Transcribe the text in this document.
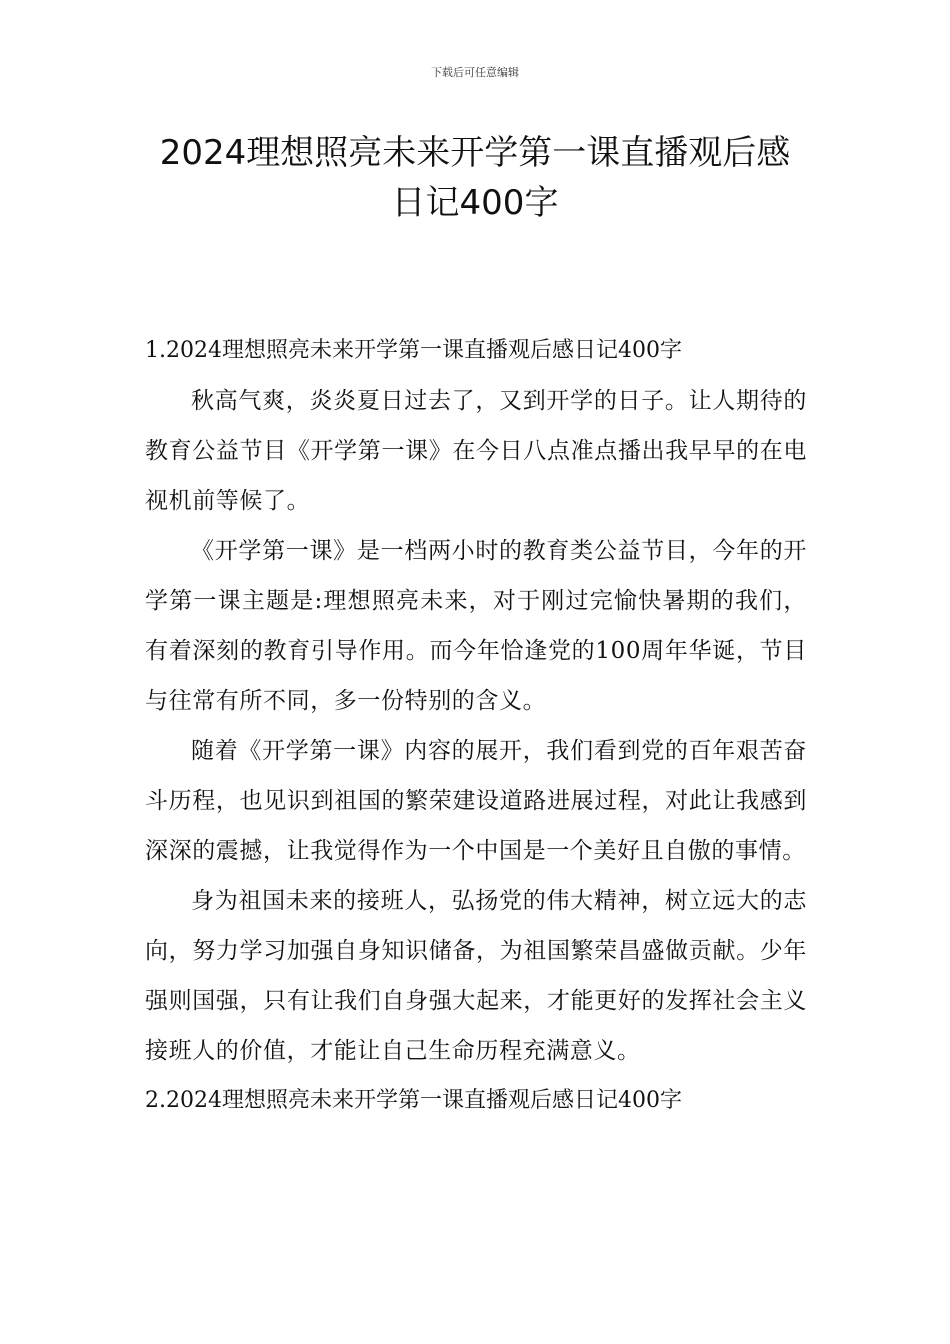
下载后可任意编辑
2024理想照亮未来开学第一课直播观后感
日记400字

1.2024理想照亮未来开学第一课直播观后感日记400字

秋高气爽，炎炎夏日过去了，又到开学的日子。让人期待的教育公益节目《开学第一课》在今日八点准点播出我早早的在电视机前等候了。

《开学第一课》是一档两小时的教育类公益节目，今年的开学第一课主题是:理想照亮未来，对于刚过完愉快暑期的我们，有着深刻的教育引导作用。而今年恰逢党的100周年华诞，节目与往常有所不同，多一份特别的含义。

随着《开学第一课》内容的展开，我们看到党的百年艰苦奋斗历程，也见识到祖国的繁荣建设道路进展过程，对此让我感到深深的震撼，让我觉得作为一个中国是一个美好且自傲的事情。

身为祖国未来的接班人，弘扬党的伟大精神，树立远大的志向，努力学习加强自身知识储备，为祖国繁荣昌盛做贡献。少年强则国强，只有让我们自身强大起来，才能更好的发挥社会主义接班人的价值，才能让自己生命历程充满意义。

2.2024理想照亮未来开学第一课直播观后感日记400字
